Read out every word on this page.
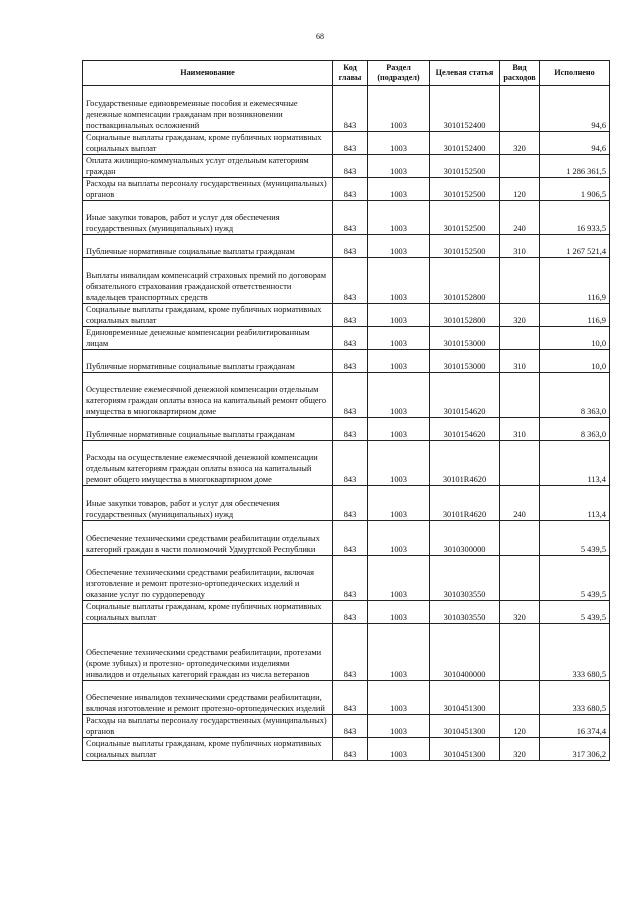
68
Наименование	Код главы	Раздел (подраздел)	Целевая статья	Вид расходов	Исполнено
Государственные единовременные пособия и ежемесячные денежные компенсации гражданам при возникновении поствакцинальных осложнений	843	1003	3010152400		94,6
Социальные выплаты гражданам, кроме публичных нормативных социальных выплат	843	1003	3010152400	320	94,6
Оплата жилищно-коммунальных услуг отдельным категориям граждан	843	1003	3010152500		1 286 361,5
Расходы на выплаты персоналу государственных (муниципальных) органов	843	1003	3010152500	120	1 906,5
Иные закупки товаров, работ и услуг для обеспечения государственных (муниципальных) нужд	843	1003	3010152500	240	16 933,5
Публичные нормативные социальные выплаты гражданам	843	1003	3010152500	310	1 267 521,4
Выплаты инвалидам компенсаций страховых премий по договорам обязательного страхования гражданской ответственности владельцев транспортных средств	843	1003	3010152800		116,9
Социальные выплаты гражданам, кроме публичных нормативных социальных выплат	843	1003	3010152800	320	116,9
Единовременные денежные компенсации реабилитированным лицам	843	1003	3010153000		10,0
Публичные нормативные социальные выплаты гражданам	843	1003	3010153000	310	10,0
Осуществление ежемесячной денежной компенсации отдельным категориям граждан оплаты взноса на капитальный ремонт общего имущества в многоквартирном доме	843	1003	3010154620		8 363,0
Публичные нормативные социальные выплаты гражданам	843	1003	3010154620	310	8 363,0
Расходы на осуществление ежемесячной денежной компенсации отдельным категориям граждан оплаты взноса на капитальный ремонт общего имущества в многоквартирном доме	843	1003	30101R4620		113,4
Иные закупки товаров, работ и услуг для обеспечения государственных (муниципальных) нужд	843	1003	30101R4620	240	113,4
Обеспечение техническими средствами реабилитации отдельных категорий граждан в части полномочий Удмуртской Республики	843	1003	3010300000		5 439,5
Обеспечение техническими средствами реабилитации, включая изготовление и ремонт протезно-ортопедических изделий и оказание услуг по сурдопереводу	843	1003	3010303550		5 439,5
Социальные выплаты гражданам, кроме публичных нормативных социальных выплат	843	1003	3010303550	320	5 439,5
Обеспечение техническими средствами реабилитации, протезами (кроме зубных) и протезно- ортопедическими изделиями инвалидов и отдельных категорий граждан из числа ветеранов	843	1003	3010400000		333 680,5
Обеспечение инвалидов техническими средствами реабилитации, включая изготовление и ремонт протезно-ортопедических изделий	843	1003	3010451300		333 680,5
Расходы на выплаты персоналу государственных (муниципальных) органов	843	1003	3010451300	120	16 374,4
Социальные выплаты гражданам, кроме публичных нормативных социальных выплат	843	1003	3010451300	320	317 306,2
